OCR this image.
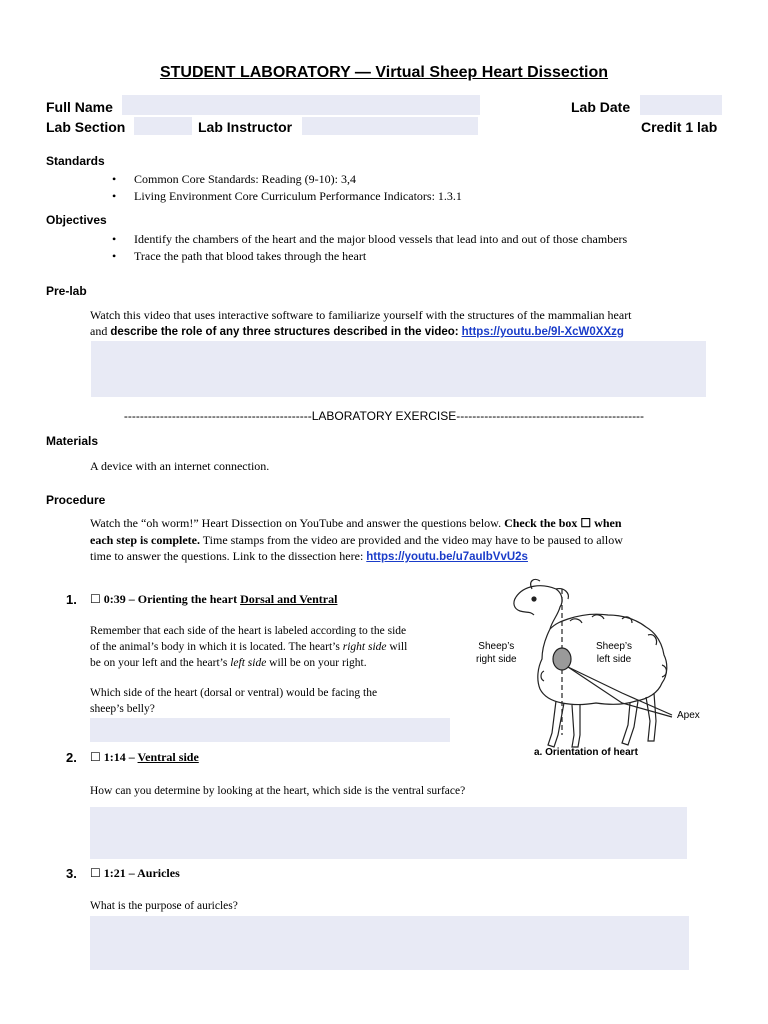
STUDENT LABORATORY — Virtual Sheep Heart Dissection
Full Name	Lab Date
Lab Section	Lab Instructor	Credit 1 lab
Standards
• Common Core Standards: Reading (9-10): 3,4
• Living Environment Core Curriculum Performance Indicators: 1.3.1
Objectives
• Identify the chambers of the heart and the major blood vessels that lead into and out of those chambers
• Trace the path that blood takes through the heart
Pre-lab
Watch this video that uses interactive software to familiarize yourself with the structures of the mammalian heart
and describe the role of any three structures described in the video: https://youtu.be/9l-XcW0XXzg
-----------------------------------------------LABORATORY EXERCISE-----------------------------------------------
Materials
A device with an internet connection.
Procedure
Watch the “oh worm!” Heart Dissection on YouTube and answer the questions below. Check the box ☐ when
each step is complete. Time stamps from the video are provided and the video may have to be paused to allow
time to answer the questions. Link to the dissection here: https://youtu.be/u7auIbVvU2s
1. ☐ 0:39 – Orienting the heart Dorsal and Ventral
Remember that each side of the heart is labeled according to the side
of the animal’s body in which it is located. The heart’s right side will
be on your left and the heart’s left side will be on your right.
Which side of the heart (dorsal or ventral) would be facing the
sheep’s belly?
Sheep’s
right side
Sheep’s
left side
Apex
a. Orientation of heart
2. ☐ 1:14 – Ventral side
How can you determine by looking at the heart, which side is the ventral surface?
3. ☐ 1:21 – Auricles
What is the purpose of auricles?
